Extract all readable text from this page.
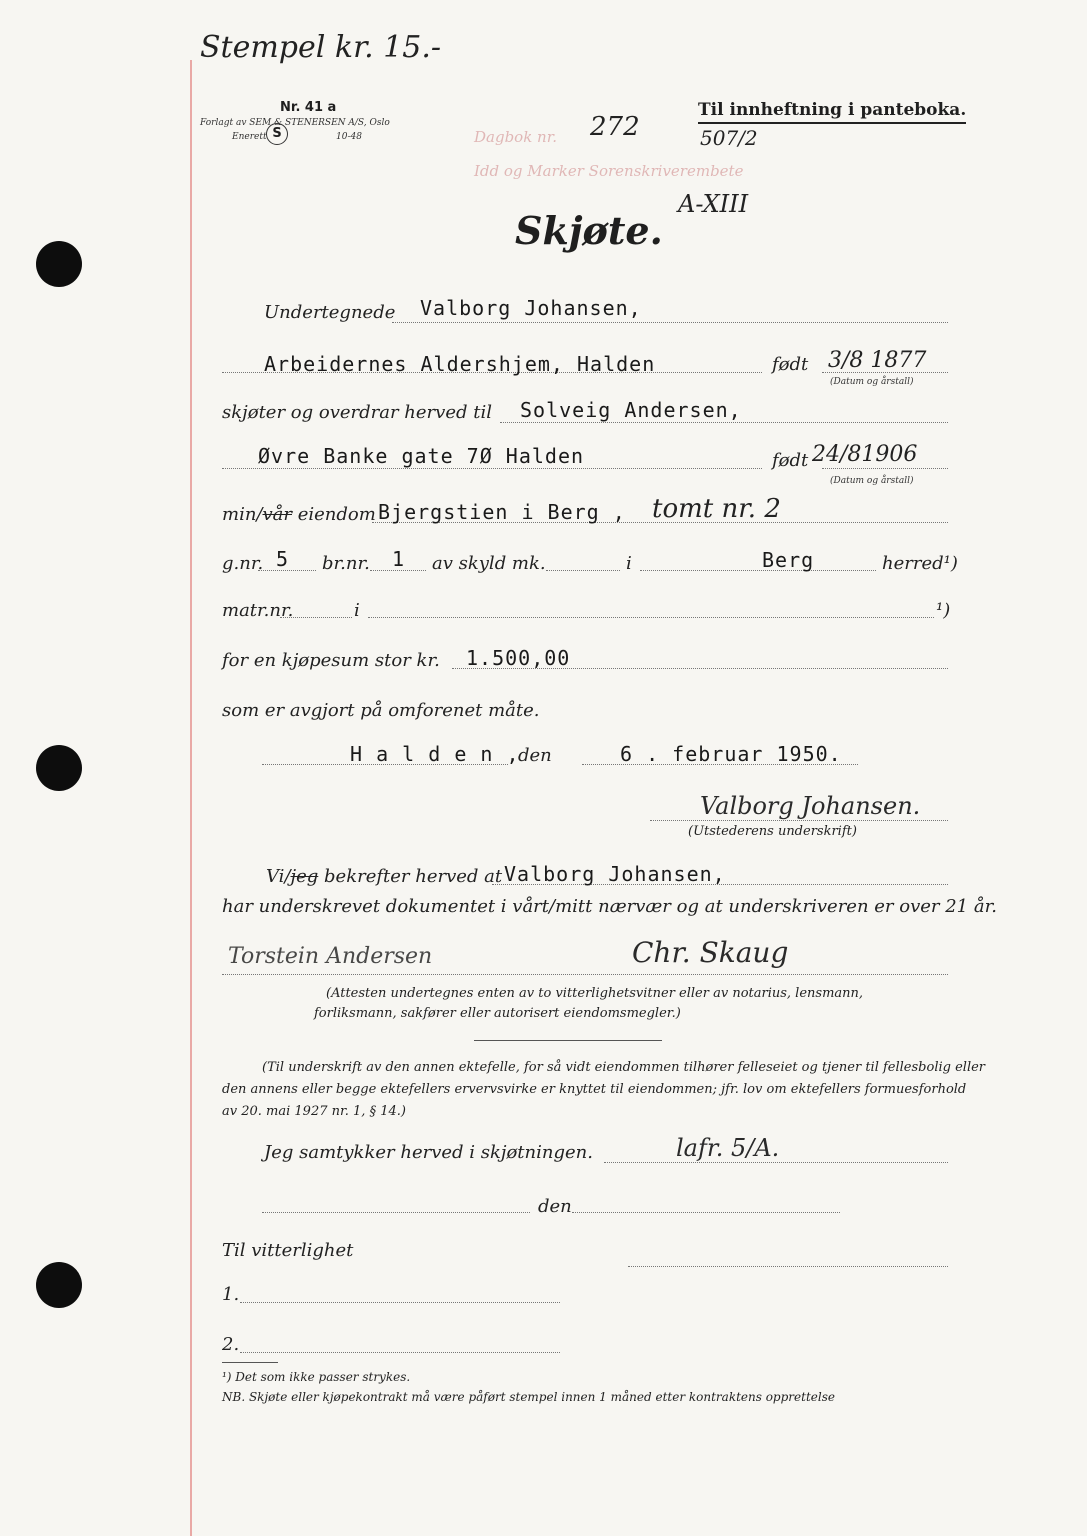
Stempel kr. 15.-
Nr. 41 a
Forlagt av SEM & STENERSEN A/S, Oslo
Enerett S	10-48
Til innheftning i panteboka.
Dagbok nr. 272	507/2
Idd og Marker Sorenskriverembete
A-XIII
Skjøte.
Undertegnede Valborg Johansen,
Arbeidernes Aldershjem, Halden	født 3/8 1877
(Datum og årstall)
skjøter og overdrar herved til Solveig Andersen,
Øvre Banke gate 7Ø Halden	født 24/81906
(Datum og årstall)
min/vår eiendom Bjergstien i Berg , tomt nr. 2
g.nr. 5 br.nr. 1 av skyld mk.	i	Berg	herred¹)
matr.nr.	i	¹)
for en kjøpesum stor kr. 1.500,00
som er avgjort på omforenet måte.
H a l d e n ,
den	6 . februar 1950.
Valborg Johansen.
(Utstederens underskrift)
Vi/jeg bekrefter herved at Valborg Johansen,
har underskrevet dokumentet i vårt/mitt nærvær og at underskriveren er over 21 år.
Torstein Andersen	Chr. Skaug
(Attesten undertegnes enten av to vitterlighetsvitner eller av notarius, lensmann,
forliksmann, sakfører eller autorisert eiendomsmegler.)
(Til underskrift av den annen ektefelle, for så vidt eiendommen tilhører felleseiet og tjener til fellesbolig eller
den annens eller begge ektefellers ervervsvirke er knyttet til eiendommen; jfr. lov om ektefellers formuesforhold
av 20. mai 1927 nr. 1, § 14.)
Jeg samtykker herved i skjøtningen.	lafr. 5/A.
den
Til vitterlighet
1.
2.
¹) Det som ikke passer strykes.
NB. Skjøte eller kjøpekontrakt må være påført stempel innen 1 måned etter kontraktens opprettelse
